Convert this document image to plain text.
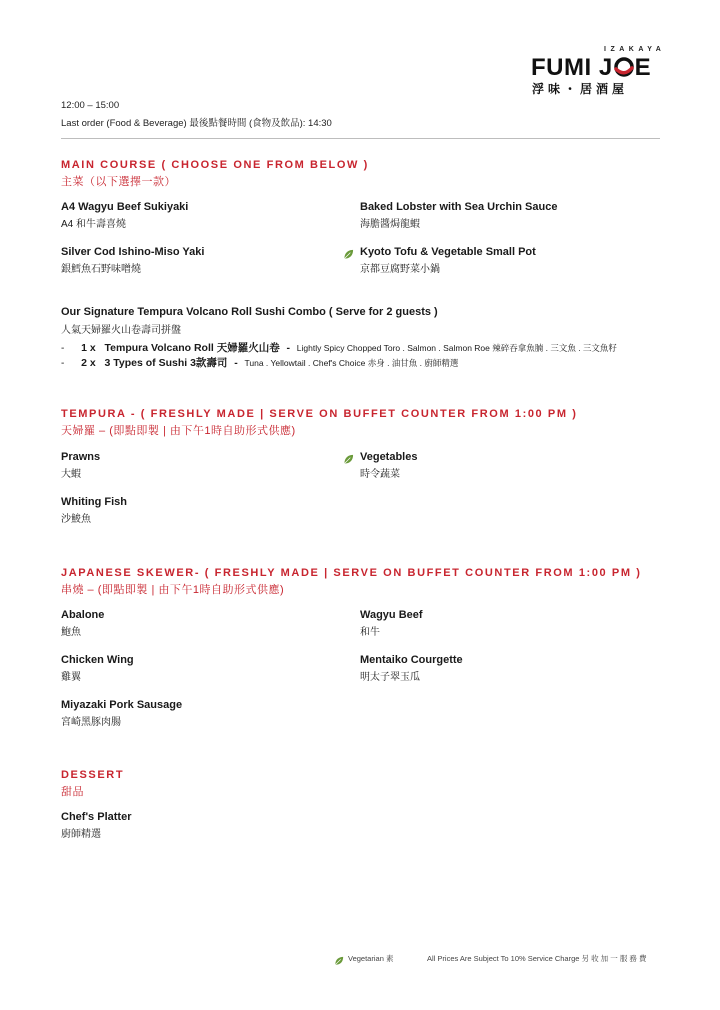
IZAKAYA
FUMI J E
浮味・居酒屋
12:00 – 15:00
Last order (Food & Beverage) 最後點餐時間 (食物及飲品): 14:30
MAIN COURSE ( CHOOSE ONE FROM BELOW )
主菜（以下選擇一款）
A4 Wagyu Beef Sukiyaki
A4 和牛壽喜燒
Baked Lobster with Sea Urchin Sauce
海膽醬焗龍蝦
Silver Cod Ishino-Miso Yaki
銀鱈魚石野味噌燒
Kyoto Tofu & Vegetable Small Pot
京都豆腐野菜小鍋
Our Signature Tempura Volcano Roll Sushi Combo ( Serve for 2 guests )
人氣天婦羅火山卷壽司拼盤
- 1 x Tempura Volcano Roll 天婦羅火山卷 - Lightly Spicy Chopped Toro . Salmon . Salmon Roe 辣碎吞拿魚腩 . 三文魚 . 三文魚籽
- 2 x 3 Types of Sushi 3款壽司 - Tuna . Yellowtail . Chef's Choice 赤身 . 油甘魚 . 廚師精選
TEMPURA - ( FRESHLY MADE | SERVE ON BUFFET COUNTER FROM 1:00 PM )
天婦羅 – (即點即製 | 由下午1時自助形式供應)
Prawns
大蝦
Vegetables
時令蔬菜
Whiting Fish
沙鮻魚
JAPANESE SKEWER- ( FRESHLY MADE | SERVE ON BUFFET COUNTER FROM 1:00 PM )
串燒 – (即點即製 | 由下午1時自助形式供應)
Abalone
鮑魚
Wagyu Beef
和牛
Chicken Wing
雞翼
Mentaiko Courgette
明太子翠玉瓜
Miyazaki Pork Sausage
宮崎黑豚肉腸
DESSERT
甜品
Chef's Platter
廚師精選
Vegetarian 素	All Prices Are Subject To 10% Service Charge 另 收 加 一 服 務 費
